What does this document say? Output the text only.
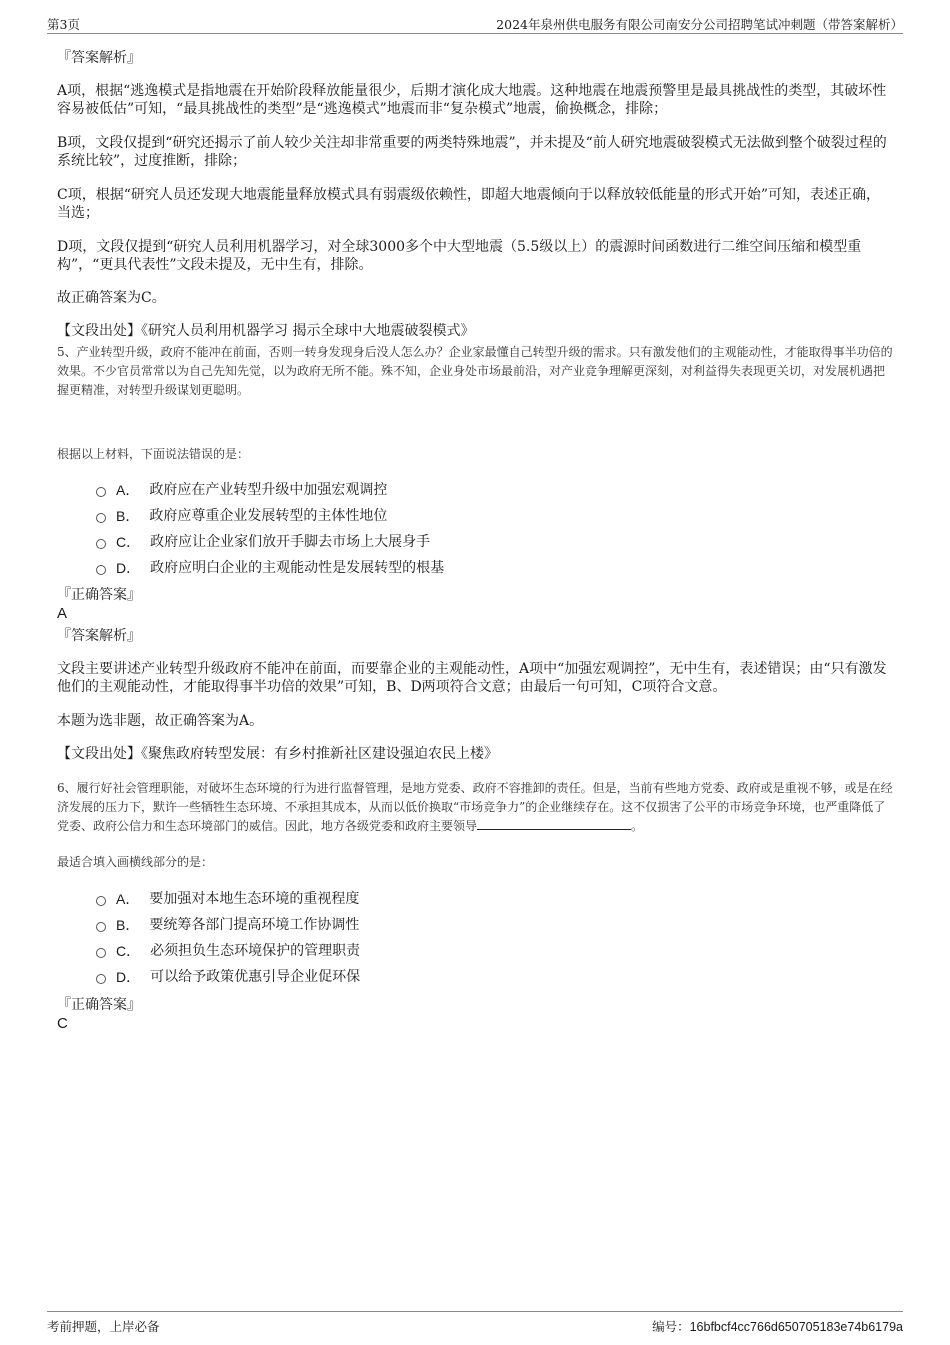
第3页	2024年泉州供电服务有限公司南安分公司招聘笔试冲刺题（带答案解析）
『答案解析』
A项，根据“逃逸模式是指地震在开始阶段释放能量很少，后期才演化成大地震。这种地震在地震预警里是最具挑战性的类型，其破坏性容易被低估”可知，“最具挑战性的类型”是“逃逸模式”地震而非“复杂模式”地震，偷换概念，排除；
B项，文段仅提到“研究还揭示了前人较少关注却非常重要的两类特殊地震”，并未提及“前人研究地震破裂模式无法做到整个破裂过程的系统比较”，过度推断，排除；
C项，根据“研究人员还发现大地震能量释放模式具有弱震级依赖性，即超大地震倾向于以释放较低能量的形式开始”可知，表述正确，当选；
D项，文段仅提到“研究人员利用机器学习，对全球3000多个中大型地震（5.5级以上）的震源时间函数进行二维空间压缩和模型重构”，“更具代表性”文段未提及，无中生有，排除。
故正确答案为C。
【文段出处】《研究人员利用机器学习 揭示全球中大地震破裂模式》
5、产业转型升级，政府不能冲在前面，否则一转身发现身后没人怎么办？企业家最懂自己转型升级的需求。只有激发他们的主观能动性，才能取得事半功倍的效果。不少官员常常以为自己先知先觉，以为政府无所不能。殊不知，企业身处市场最前沿，对产业竞争理解更深刻，对利益得失表现更关切，对发展机遇把握更精准，对转型升级谋划更聪明。
根据以上材料，下面说法错误的是：
A． 政府应在产业转型升级中加强宏观调控
B． 政府应尊重企业发展转型的主体性地位
C． 政府应让企业家们放开手脚去市场上大展身手
D． 政府应明白企业的主观能动性是发展转型的根基
『正确答案』
A
『答案解析』
文段主要讲述产业转型升级政府不能冲在前面，而要靠企业的主观能动性，A项中“加强宏观调控”，无中生有，表述错误；由“只有激发他们的主观能动性，才能取得事半功倍的效果”可知，B、D两项符合文意；由最后一句可知，C项符合文意。
本题为选非题，故正确答案为A。
【文段出处】《聚焦政府转型发展：有乡村推新社区建设强迫农民上楼》
6、履行好社会管理职能，对破坏生态环境的行为进行监督管理，是地方党委、政府不容推卸的责任。但是，当前有些地方党委、政府或是重视不够，或是在经济发展的压力下，默许一些牺牲生态环境、不承担其成本，从而以低价换取“市场竞争力”的企业继续存在。这不仅损害了公平的市场竞争环境，也严重降低了党委、政府公信力和生态环境部门的威信。因此，地方各级党委和政府主要领导	。
最适合填入画横线部分的是：
A． 要加强对本地生态环境的重视程度
B． 要统筹各部门提高环境工作协调性
C． 必须担负生态环境保护的管理职责
D． 可以给予政策优惠引导企业促环保
『正确答案』
C
考前押题，上岸必备	编号：16bfbcf4cc766d650705183e74b6179a
